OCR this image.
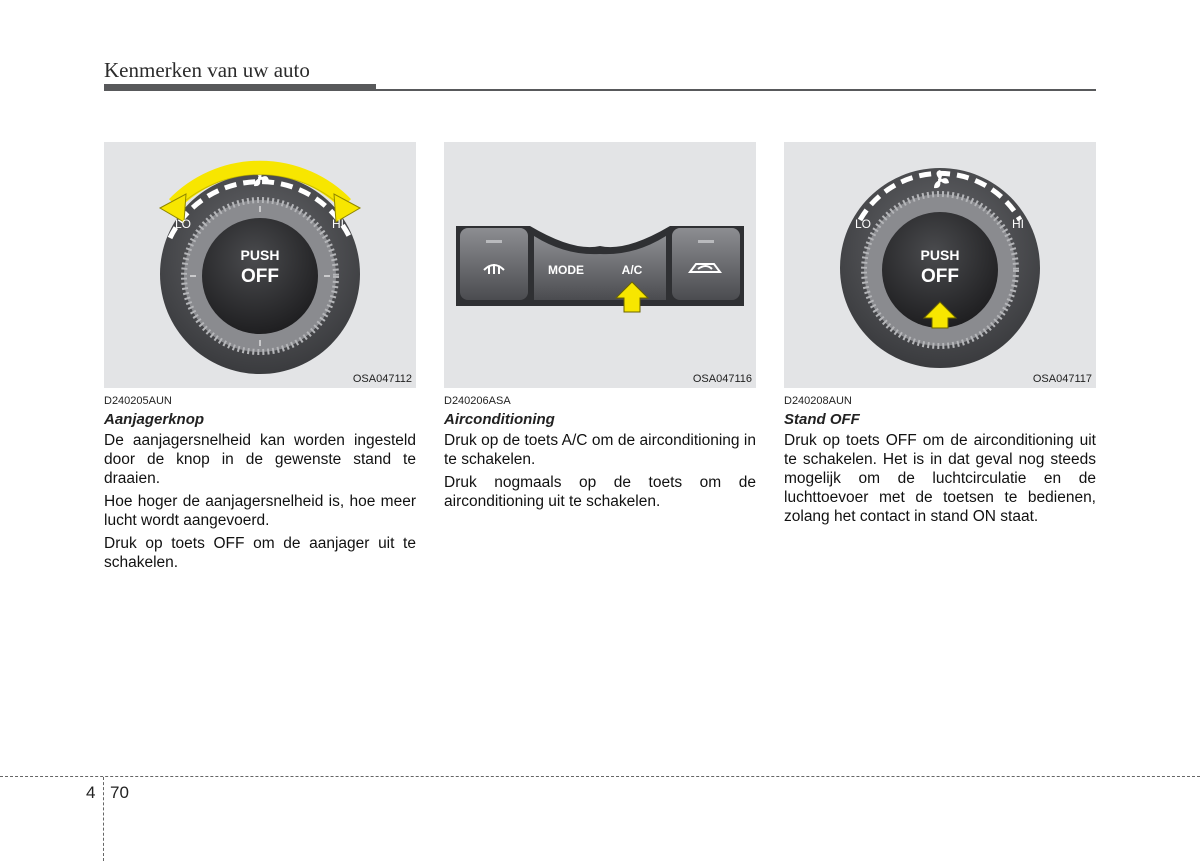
Kenmerken van uw auto
LO	HI
PUSH
OFF
OSA047112
MODE	A/C
OSA047116
LO	HI
PUSH
OFF
OSA047117

D240205AUN

Aanjagerknop

De aanjagersnelheid kan worden ingesteld door de knop in de gewenste stand te draaien.

Hoe hoger de aanjagersnelheid is, hoe meer lucht wordt aangevoerd.

Druk op toets OFF om de aanjager uit te schakelen.

D240206ASA

Airconditioning

Druk op de toets A/C om de airconditioning in te schakelen.

Druk nogmaals op de toets om de airconditioning uit te schakelen.

D240208AUN

Stand OFF

Druk op toets OFF om de airconditioning uit te schakelen. Het is in dat geval nog steeds mogelijk om de luchtcirculatie en de luchttoevoer met de toetsen te bedienen, zolang het contact in stand ON staat.

4 70
